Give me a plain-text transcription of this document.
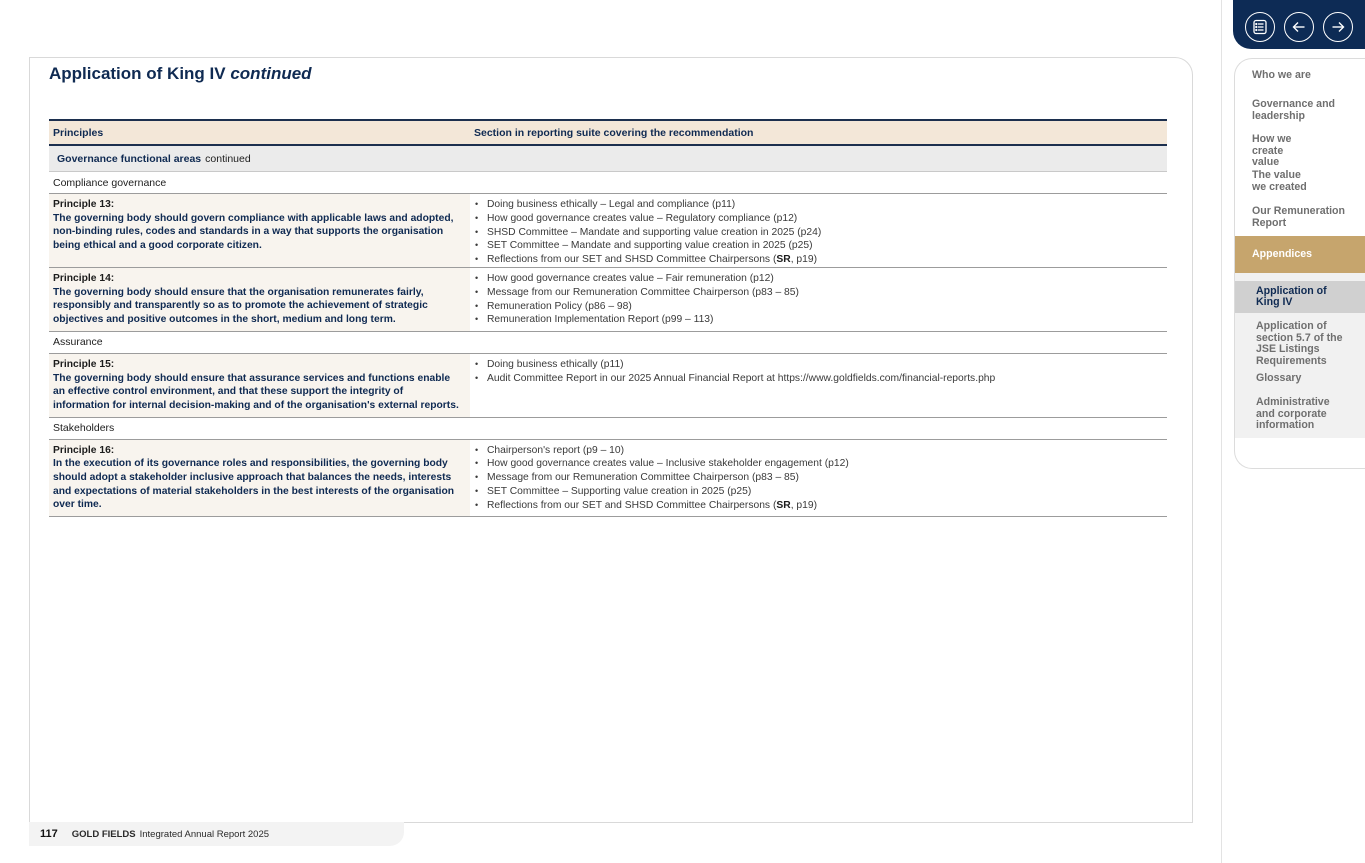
Application of King IV continued
Principles	Section in reporting suite covering the recommendation
Governance functional areas continued
Compliance governance
Principle 13:
The governing body should govern compliance with applicable laws and adopted, non-binding rules, codes and standards in a way that supports the organisation being ethical and a good corporate citizen.
• Doing business ethically – Legal and compliance (p11)
• How good governance creates value – Regulatory compliance (p12)
• SHSD Committee – Mandate and supporting value creation in 2025 (p24)
• SET Committee – Mandate and supporting value creation in 2025 (p25)
• Reflections from our SET and SHSD Committee Chairpersons (SR, p19)
Principle 14:
The governing body should ensure that the organisation remunerates fairly, responsibly and transparently so as to promote the achievement of strategic objectives and positive outcomes in the short, medium and long term.
• How good governance creates value – Fair remuneration (p12)
• Message from our Remuneration Committee Chairperson (p83 – 85)
• Remuneration Policy (p86 – 98)
• Remuneration Implementation Report (p99 – 113)
Assurance
Principle 15:
The governing body should ensure that assurance services and functions enable an effective control environment, and that these support the integrity of information for internal decision-making and of the organisation's external reports.
• Doing business ethically (p11)
• Audit Committee Report in our 2025 Annual Financial Report at https://www.goldfields.com/financial-reports.php
Stakeholders
Principle 16:
In the execution of its governance roles and responsibilities, the governing body should adopt a stakeholder inclusive approach that balances the needs, interests and expectations of material stakeholders in the best interests of the organisation over time.
• Chairperson's report (p9 – 10)
• How good governance creates value – Inclusive stakeholder engagement (p12)
• Message from our Remuneration Committee Chairperson (p83 – 85)
• SET Committee – Supporting value creation in 2025 (p25)
• Reflections from our SET and SHSD Committee Chairpersons (SR, p19)
117 GOLD FIELDS Integrated Annual Report 2025
Who we are
Governance and leadership
How we create value
The value we created
Our Remuneration Report
Appendices
Application of King IV
Application of section 5.7 of the JSE Listings Requirements
Glossary
Administrative and corporate information
